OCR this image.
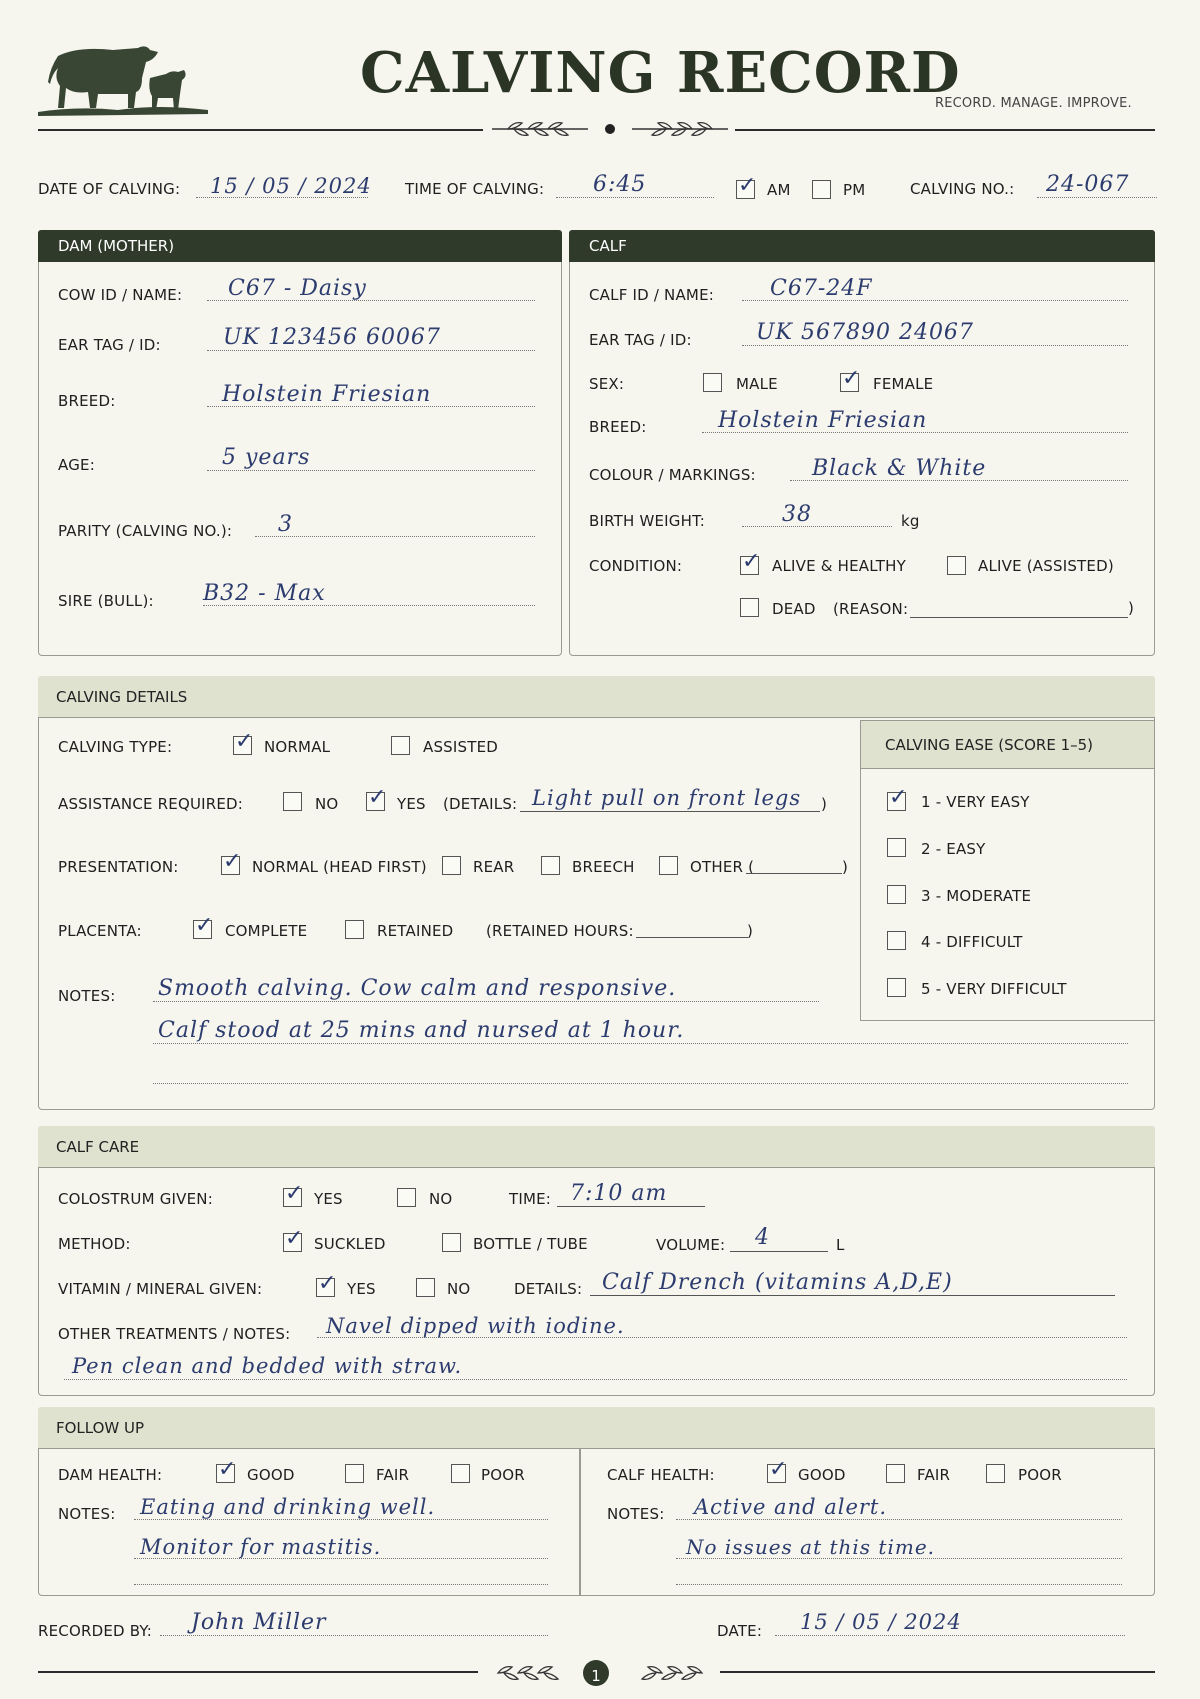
CALVING RECORD
RECORD. MANAGE. IMPROVE.
DATE OF CALVING: 15 / 05 / 2024 TIME OF CALVING: 6:45	✓ AM	PM	CALVING NO.: 24-067
DAM (MOTHER)
COW ID / NAME: C67 - Daisy
EAR TAG / ID:	UK 123456 60067
BREED:	Holstein Friesian
AGE:	5 years
PARITY (CALVING NO.): 3
SIRE (BULL): B32 - Max
CALF
CALF ID / NAME:	C67-24F
EAR TAG / ID:	UK 567890 24067
SEX:	MALE	✓ FEMALE
BREED:	Holstein Friesian
COLOUR / MARKINGS:	Black & White
BIRTH WEIGHT:	38	kg
CONDITION:	✓ ALIVE & HEALTHY	ALIVE (ASSISTED)
DEAD (REASON:	)
CALVING DETAILS
CALVING TYPE:	✓ NORMAL	ASSISTED
ASSISTANCE REQUIRED:	NO ✓ YES (DETAILS: Light pull on front legs )
PRESENTATION: ✓ NORMAL (HEAD FIRST)	REAR	BREECH	OTHER (	)
PLACENTA: ✓ COMPLETE	RETAINED (RETAINED HOURS:	)
NOTES: Smooth calving. Cow calm and responsive.
Calf stood at 25 mins and nursed at 1 hour.
CALVING EASE (SCORE 1–5)
✓ 1 - VERY EASY
2 - EASY
3 - MODERATE
4 - DIFFICULT
5 - VERY DIFFICULT
CALF CARE
COLOSTRUM GIVEN:	✓ YES	NO	TIME: 7:10 am
METHOD:	✓ SUCKLED	BOTTLE / TUBE	VOLUME: 4	L
VITAMIN / MINERAL GIVEN:	✓ YES	NO	DETAILS: Calf Drench (vitamins A,D,E)
OTHER TREATMENTS / NOTES: Navel dipped with iodine.
Pen clean and bedded with straw.
FOLLOW UP
DAM HEALTH:	✓ GOOD	FAIR	POOR
NOTES: Eating and drinking well.
Monitor for mastitis.
CALF HEALTH: ✓ GOOD	FAIR	POOR
NOTES: Active and alert.
No issues at this time.
RECORDED BY: John Miller	DATE: 15 / 05 / 2024
1
